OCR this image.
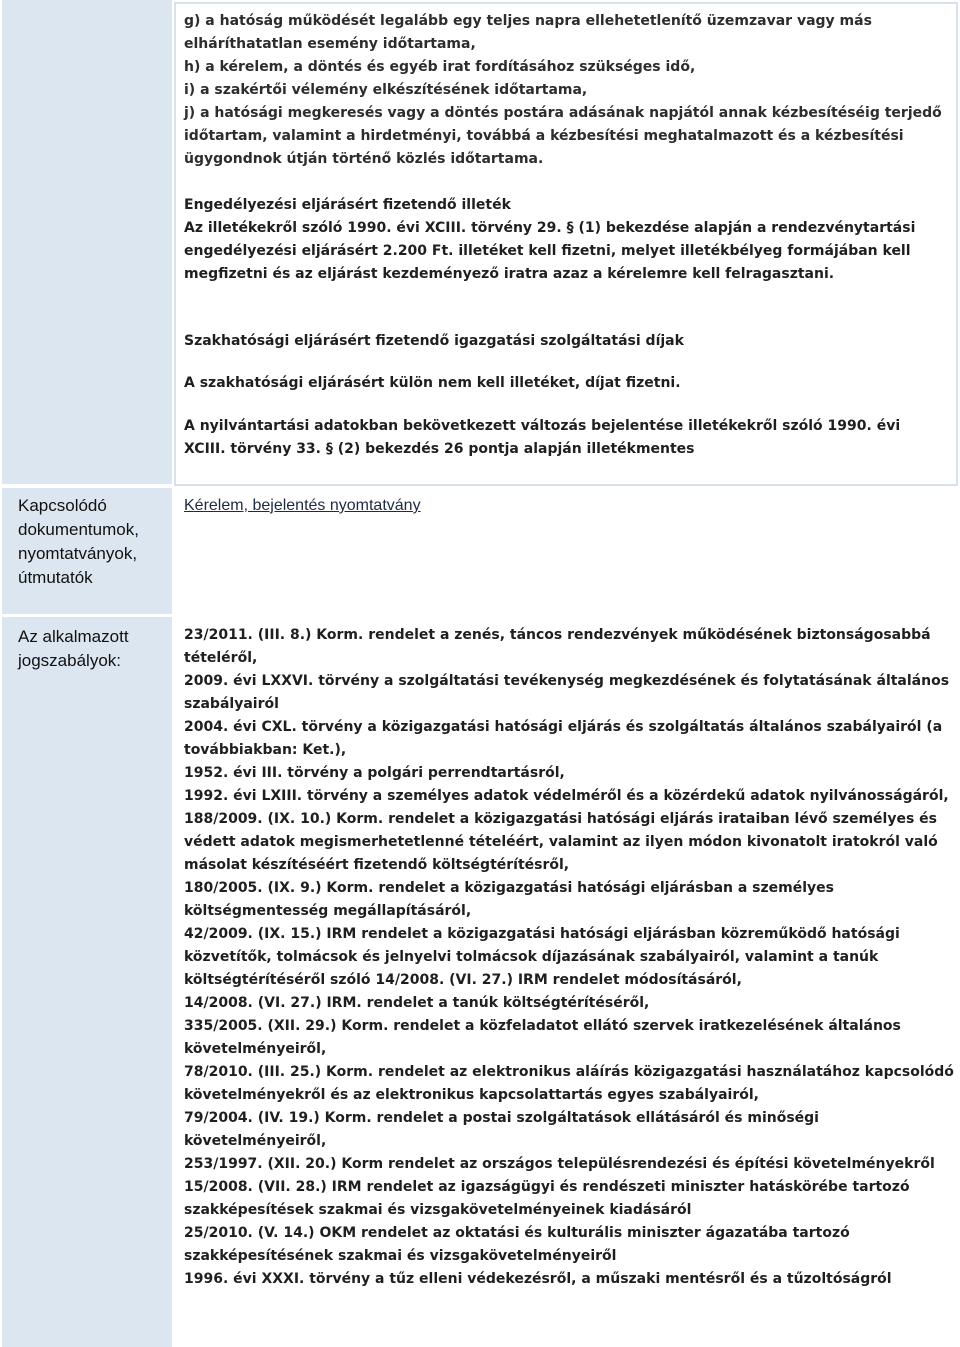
g) a hatóság működését legalább egy teljes napra ellehetetlenítő üzemzavar vagy más elháríthatatlan esemény időtartama,
h) a kérelem, a döntés és egyéb irat fordításához szükséges idő,
i) a szakértői vélemény elkészítésének időtartama,
j) a hatósági megkeresés vagy a döntés postára adásának napjától annak kézbesítéséig terjedő időtartam, valamint a hirdetményi, továbbá a kézbesítési meghatalmazott és a kézbesítési ügygondnok útján történő közlés időtartama.
Engedélyezési eljárásért fizetendő illeték
Az illetékekről szóló 1990. évi XCIII. törvény 29. § (1) bekezdése alapján a rendezvénytartási engedélyezési eljárásért 2.200 Ft. illetéket kell fizetni, melyet illetékbélyeg formájában kell megfizetni és az eljárást kezdeményező iratra azaz a kérelemre kell felragasztani.
Szakhatósági eljárásért fizetendő igazgatási szolgáltatási díjak
A szakhatósági eljárásért külön nem kell illetéket, díjat fizetni.
A nyilvántartási adatokban bekövetkezett változás bejelentése illetékekről szóló 1990. évi XCIII. törvény 33. § (2) bekezdés 26 pontja alapján illetékmentes
Kapcsolódó dokumentumok, nyomtatványok, útmutatók
Kérelem, bejelentés nyomtatvány
Az alkalmazott jogszabályok:
23/2011. (III. 8.) Korm. rendelet a zenés, táncos rendezvények működésének biztonságosabbá tételéről,
2009. évi LXXVI. törvény a szolgáltatási tevékenység megkezdésének és folytatásának általános szabályairól
2004. évi CXL. törvény a közigazgatási hatósági eljárás és szolgáltatás általános szabályairól (a továbbiakban: Ket.),
1952. évi III. törvény a polgári perrendtartásról,
1992. évi LXIII. törvény a személyes adatok védelméről és a közérdekű adatok nyilvánosságáról,
188/2009. (IX. 10.) Korm. rendelet a közigazgatási hatósági eljárás irataiban lévő személyes és védett adatok megismerhetetlenné tételéért, valamint az ilyen módon kivonatolt iratokról való másolat készítéséért fizetendő költségtérítésről,
180/2005. (IX. 9.) Korm. rendelet a közigazgatási hatósági eljárásban a személyes költségmentesség megállapításáról,
42/2009. (IX. 15.) IRM rendelet a közigazgatási hatósági eljárásban közreműködő hatósági közvetítők, tolmácsok és jelnyelvi tolmácsok díjazásának szabályairól, valamint a tanúk költségtérítéséről szóló 14/2008. (VI. 27.) IRM rendelet módosításáról,
14/2008. (VI. 27.) IRM. rendelet a tanúk költségtérítéséről,
335/2005. (XII. 29.) Korm. rendelet a közfeladatot ellátó szervek iratkezelésének általános követelményeiről,
78/2010. (III. 25.) Korm. rendelet az elektronikus aláírás közigazgatási használatához kapcsolódó követelményekről és az elektronikus kapcsolattartás egyes szabályairól,
79/2004. (IV. 19.) Korm. rendelet a postai szolgáltatások ellátásáról és minőségi követelményeiről,
253/1997. (XII. 20.) Korm rendelet az országos településrendezési és építési követelményekről
15/2008. (VII. 28.) IRM rendelet az igazságügyi és rendészeti miniszter hatáskörébe tartozó szakképesítések szakmai és vizsgakövetelményeinek kiadásáról
25/2010. (V. 14.) OKM rendelet az oktatási és kulturális miniszter ágazatába tartozó szakképesítésének szakmai és vizsgakövetelményeiről
1996. évi XXXI. törvény a tűz elleni védekezésről, a műszaki mentésről és a tűzoltóságról
